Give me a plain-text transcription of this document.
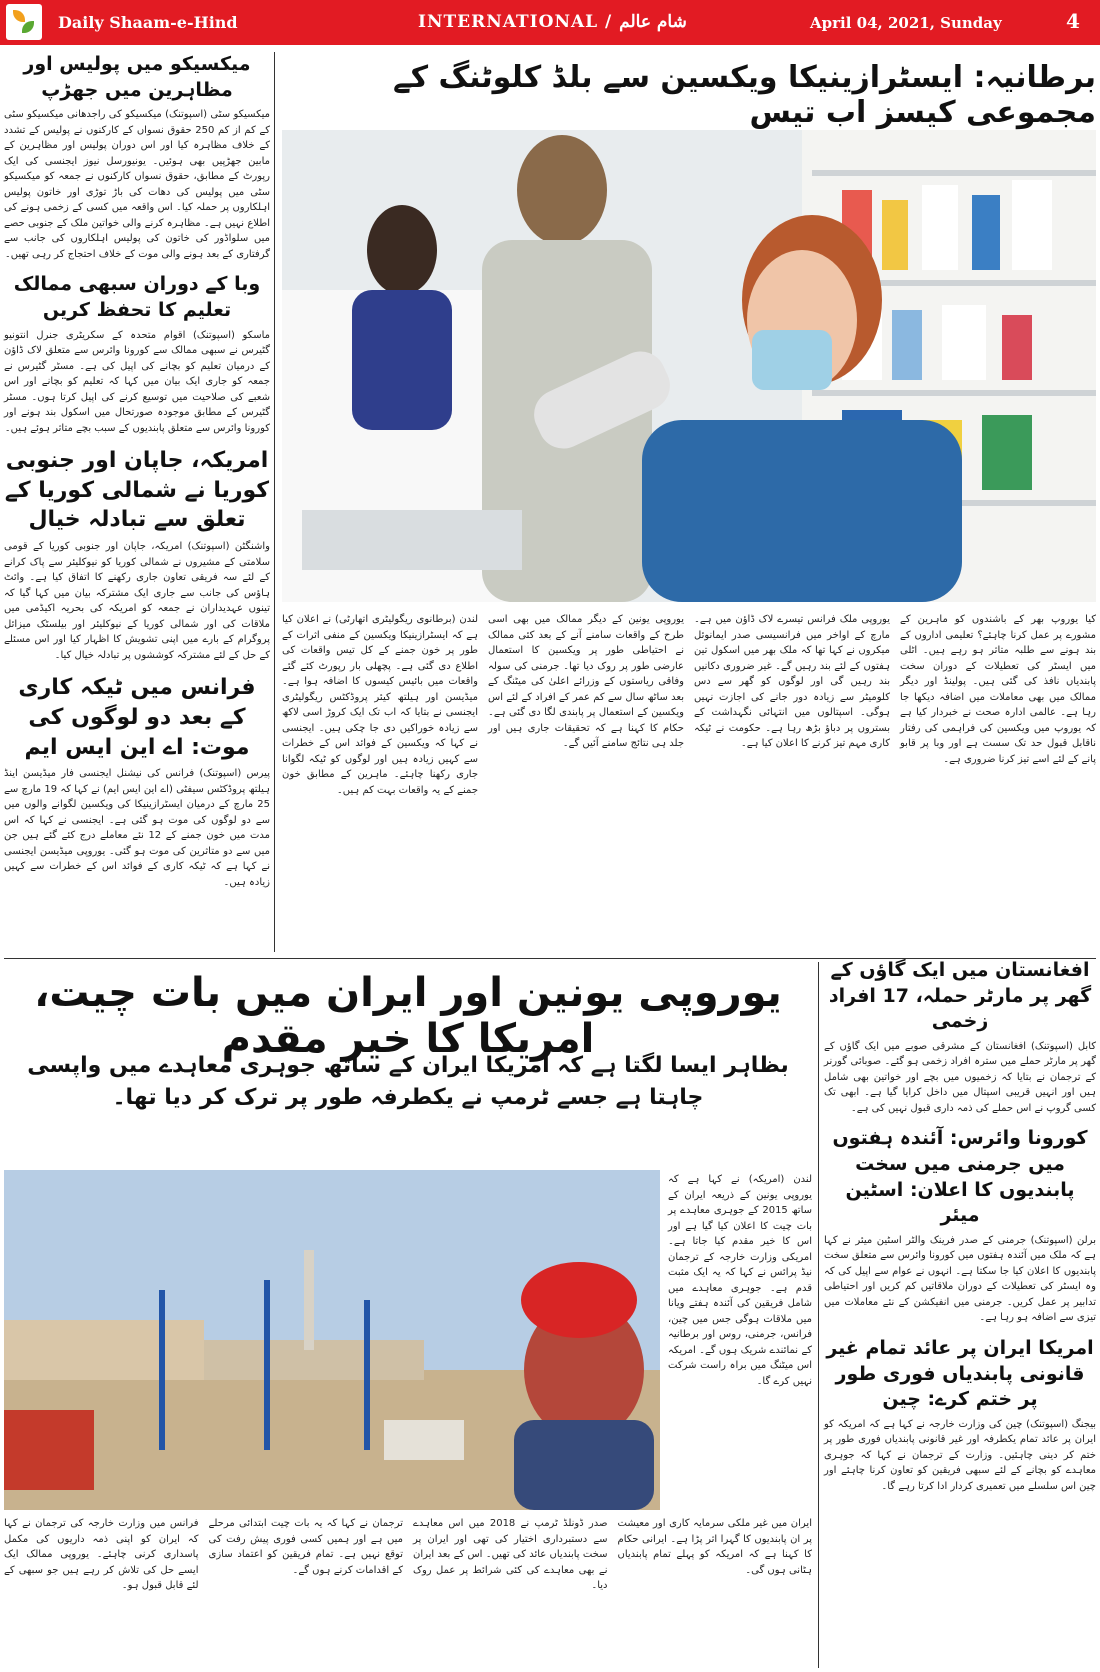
Daily Shaam-e-Hind	INTERNATIONAL / شام عالم	April 04, 2021, Sunday	4
میکسیکو میں پولیس اور مظاہرین میں جھڑپ
میکسیکو سٹی (اسپوتنک) میکسیکو کی راجدھانی میکسیکو سٹی کے کم از کم 250 حقوق نسواں کے کارکنوں نے پولیس کے تشدد کے خلاف مظاہرہ کیا اور اس دوران پولیس اور مظاہرین کے مابین جھڑپیں بھی ہوئیں۔ یونیورسل نیوز ایجنسی کی ایک رپورٹ کے مطابق، حقوق نسواں کارکنوں نے جمعہ کو میکسیکو سٹی میں پولیس کی دھات کی باڑ توڑی اور خاتون پولیس اہلکاروں پر حملہ کیا۔ اس واقعہ میں کسی کے زخمی ہونے کی اطلاع نہیں ہے۔ مظاہرہ کرنے والی خواتین ملک کے جنوبی حصے میں سلواڈور کی خاتون کی پولیس اہلکاروں کی جانب سے گرفتاری کے بعد ہونے والی موت کے خلاف احتجاج کر رہی تھیں۔
وبا کے دوران سبھی ممالک تعلیم کا تحفظ کریں
ماسکو (اسپوتنک) اقوام متحدہ کے سکریٹری جنرل انتونیو گٹیرس نے سبھی ممالک سے کورونا وائرس سے متعلق لاک ڈاؤن کے درمیان تعلیم کو بچانے کی اپیل کی ہے۔ مسٹر گٹیرس نے جمعہ کو جاری ایک بیان میں کہا کہ تعلیم کو بچانے اور اس شعبے کی صلاحیت میں توسیع کرنے کی اپیل کرتا ہوں۔ مسٹر گٹیرس کے مطابق موجودہ صورتحال میں اسکول بند ہونے اور کورونا وائرس سے متعلق پابندیوں کے سبب بچے متاثر ہوئے ہیں۔
امریکہ، جاپان اور جنوبی کوریا نے شمالی کوریا کے تعلق سے تبادلہ خیال
واشنگٹن (اسپوتنک) امریکہ، جاپان اور جنوبی کوریا کے قومی سلامتی کے مشیروں نے شمالی کوریا کو نیوکلیئر سے پاک کرانے کے لئے سہ فریقی تعاون جاری رکھنے کا اتفاق کیا ہے۔ وائٹ ہاؤس کی جانب سے جاری ایک مشترکہ بیان میں کہا گیا کہ تینوں عہدیداران نے جمعہ کو امریکہ کی بحریہ اکیڈمی میں ملاقات کی اور شمالی کوریا کے نیوکلیئر اور بیلسٹک میزائل پروگرام کے بارے میں اپنی تشویش کا اظہار کیا اور اس مسئلے کے حل کے لئے مشترکہ کوششوں پر تبادلہ خیال کیا۔
فرانس میں ٹیکہ کاری کے بعد دو لوگوں کی موت: اے این ایس ایم
پیرس (اسپوتنک) فرانس کی نیشنل ایجنسی فار میڈیسن اینڈ ہیلتھ پروڈکٹس سیفٹی (اے این ایس ایم) نے کہا کہ 19 مارچ سے 25 مارچ کے درمیان ایسٹرازینیکا کی ویکسین لگوانے والوں میں سے دو لوگوں کی موت ہو گئی ہے۔ ایجنسی نے کہا کہ اس مدت میں خون جمنے کے 12 نئے معاملے درج کئے گئے ہیں جن میں سے دو متاثرین کی موت ہو گئی۔ یوروپی میڈیسن ایجنسی نے کہا ہے کہ ٹیکہ کاری کے فوائد اس کے خطرات سے کہیں زیادہ ہیں۔
برطانیہ: ایسٹرازینیکا ویکسین سے بلڈ کلوٹنگ کے مجموعی کیسز اب تیس
لندن (برطانوی ریگولیٹری اتھارٹی) نے اعلان کیا ہے کہ ایسٹرازینیکا ویکسین کے منفی اثرات کے طور پر خون جمنے کے کل تیس واقعات کی اطلاع دی گئی ہے۔ پچھلی بار رپورٹ کئے گئے واقعات میں بائیس کیسوں کا اضافہ ہوا ہے۔ میڈیسن اور ہیلتھ کیئر پروڈکٹس ریگولیٹری ایجنسی نے بتایا کہ اب تک ایک کروڑ اسی لاکھ سے زیادہ خوراکیں دی جا چکی ہیں۔ ایجنسی نے کہا کہ ویکسین کے فوائد اس کے خطرات سے کہیں زیادہ ہیں اور لوگوں کو ٹیکہ لگوانا جاری رکھنا چاہئے۔ ماہرین کے مطابق خون جمنے کے یہ واقعات بہت کم ہیں۔
یوروپی یونین کے دیگر ممالک میں بھی اسی طرح کے واقعات سامنے آنے کے بعد کئی ممالک نے احتیاطی طور پر ویکسین کا استعمال عارضی طور پر روک دیا تھا۔ جرمنی کی سولہ وفاقی ریاستوں کے وزرائے اعلیٰ کی میٹنگ کے بعد ساٹھ سال سے کم عمر کے افراد کے لئے اس ویکسین کے استعمال پر پابندی لگا دی گئی ہے۔ حکام کا کہنا ہے کہ تحقیقات جاری ہیں اور جلد ہی نتائج سامنے آئیں گے۔
یوروپی ملک فرانس تیسرے لاک ڈاؤن میں ہے۔ مارچ کے اواخر میں فرانسیسی صدر ایمانوئل میکروں نے کہا تھا کہ ملک بھر میں اسکول تین ہفتوں کے لئے بند رہیں گے۔ غیر ضروری دکانیں بند رہیں گی اور لوگوں کو گھر سے دس کلومیٹر سے زیادہ دور جانے کی اجازت نہیں ہوگی۔ اسپتالوں میں انتہائی نگہداشت کے بستروں پر دباؤ بڑھ رہا ہے۔ حکومت نے ٹیکہ کاری مہم تیز کرنے کا اعلان کیا ہے۔
کیا یوروپ بھر کے باشندوں کو ماہرین کے مشورے پر عمل کرنا چاہئے؟ تعلیمی اداروں کے بند ہونے سے طلبہ متاثر ہو رہے ہیں۔ اٹلی میں ایسٹر کی تعطیلات کے دوران سخت پابندیاں نافذ کی گئی ہیں۔ پولینڈ اور دیگر ممالک میں بھی معاملات میں اضافہ دیکھا جا رہا ہے۔ عالمی ادارہ صحت نے خبردار کیا ہے کہ یوروپ میں ویکسین کی فراہمی کی رفتار ناقابل قبول حد تک سست ہے اور وبا پر قابو پانے کے لئے اسے تیز کرنا ضروری ہے۔
یوروپی یونین اور ایران میں بات چیت، امریکا کا خیر مقدم
بظاہر ایسا لگتا ہے کہ امریکا ایران کے ساتھ جوہری معاہدے میں واپسی چاہتا ہے جسے ٹرمپ نے یکطرفہ طور پر ترک کر دیا تھا۔
لندن (امریکہ) نے کہا ہے کہ یوروپی یونین کے ذریعہ ایران کے ساتھ 2015 کے جوہری معاہدے پر بات چیت کا اعلان کیا گیا ہے اور اس کا خیر مقدم کیا جاتا ہے۔ امریکی وزارت خارجہ کے ترجمان نیڈ پرائس نے کہا کہ یہ ایک مثبت قدم ہے۔ جوہری معاہدے میں شامل فریقین کی آئندہ ہفتے ویانا میں ملاقات ہوگی جس میں چین، فرانس، جرمنی، روس اور برطانیہ کے نمائندے شریک ہوں گے۔ امریکہ اس میٹنگ میں براہ راست شرکت نہیں کرے گا۔
فرانس میں وزارت خارجہ کی ترجمان نے کہا کہ ایران کو اپنی ذمہ داریوں کی مکمل پاسداری کرنی چاہئے۔ یوروپی ممالک ایک ایسے حل کی تلاش کر رہے ہیں جو سبھی کے لئے قابل قبول ہو۔
ترجمان نے کہا کہ یہ بات چیت ابتدائی مرحلے میں ہے اور ہمیں کسی فوری پیش رفت کی توقع نہیں ہے۔ تمام فریقین کو اعتماد سازی کے اقدامات کرنے ہوں گے۔
صدر ڈونلڈ ٹرمپ نے 2018 میں اس معاہدے سے دستبرداری اختیار کی تھی اور ایران پر سخت پابندیاں عائد کی تھیں۔ اس کے بعد ایران نے بھی معاہدے کی کئی شرائط پر عمل روک دیا۔
ایران میں غیر ملکی سرمایہ کاری اور معیشت پر ان پابندیوں کا گہرا اثر پڑا ہے۔ ایرانی حکام کا کہنا ہے کہ امریکہ کو پہلے تمام پابندیاں ہٹانی ہوں گی۔
افغانستان میں ایک گاؤں کے گھر پر مارٹر حملہ، 17 افراد زخمی
کابل (اسپوتنک) افغانستان کے مشرقی صوبے میں ایک گاؤں کے گھر پر مارٹر حملے میں سترہ افراد زخمی ہو گئے۔ صوبائی گورنر کے ترجمان نے بتایا کہ زخمیوں میں بچے اور خواتین بھی شامل ہیں اور انہیں قریبی اسپتال میں داخل کرایا گیا ہے۔ ابھی تک کسی گروپ نے اس حملے کی ذمہ داری قبول نہیں کی ہے۔
کورونا وائرس: آئندہ ہفتوں میں جرمنی میں سخت پابندیوں کا اعلان: اسٹین میئر
برلن (اسپوتنک) جرمنی کے صدر فرینک والٹر اسٹین میئر نے کہا ہے کہ ملک میں آئندہ ہفتوں میں کورونا وائرس سے متعلق سخت پابندیوں کا اعلان کیا جا سکتا ہے۔ انہوں نے عوام سے اپیل کی کہ وہ ایسٹر کی تعطیلات کے دوران ملاقاتیں کم کریں اور احتیاطی تدابیر پر عمل کریں۔ جرمنی میں انفیکشن کے نئے معاملات میں تیزی سے اضافہ ہو رہا ہے۔
امریکا ایران پر عائد تمام غیر قانونی پابندیاں فوری طور پر ختم کرے: چین
بیجنگ (اسپوتنک) چین کی وزارت خارجہ نے کہا ہے کہ امریکہ کو ایران پر عائد تمام یکطرفہ اور غیر قانونی پابندیاں فوری طور پر ختم کر دینی چاہئیں۔ وزارت کے ترجمان نے کہا کہ جوہری معاہدے کو بچانے کے لئے سبھی فریقین کو تعاون کرنا چاہئے اور چین اس سلسلے میں تعمیری کردار ادا کرتا رہے گا۔
